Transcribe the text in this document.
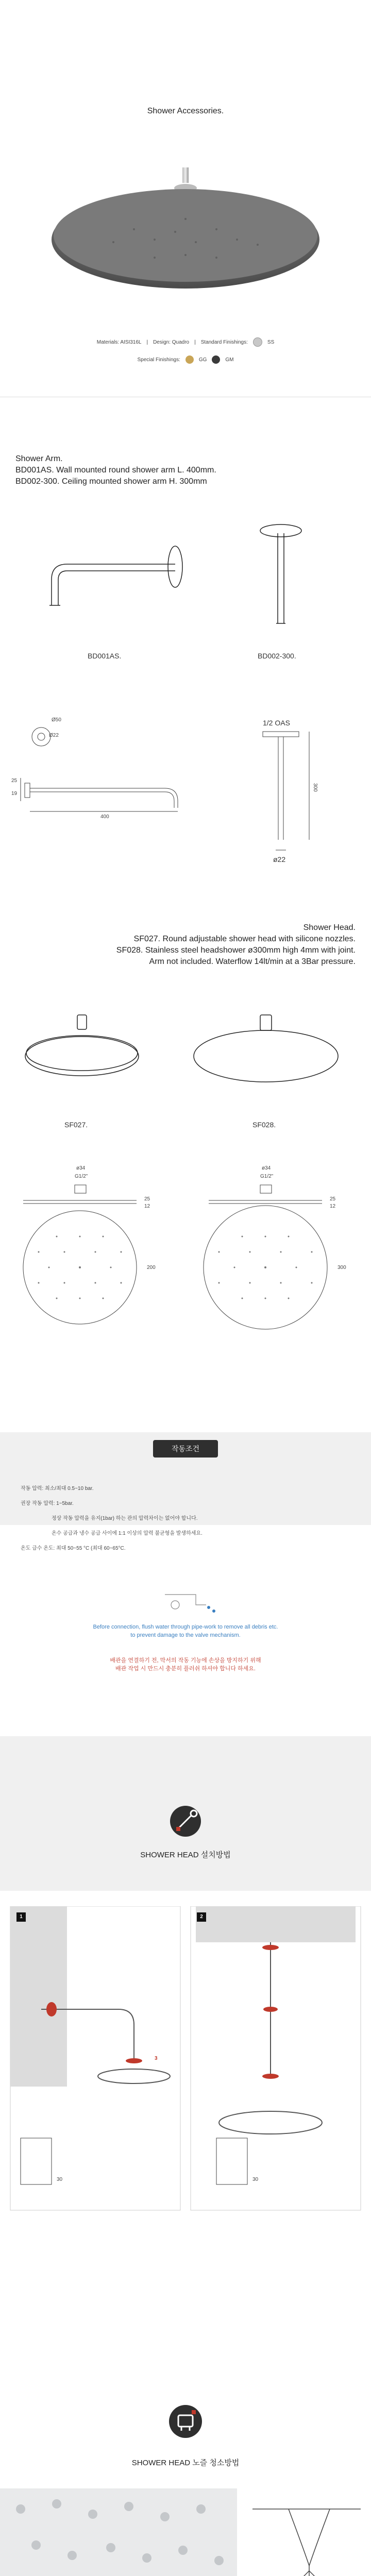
Shower Accessories.
Materials: AISI316L | Design: Quadro | Standard Finishings:	SS
Special Finishings:	GG	GM
Shower Arm.
BD001AS. Wall mounted round shower arm L. 400mm.
BD002-300. Ceiling mounted shower arm H. 300mm
BD001AS.	BD002-300.
Ø50
Ø22
25
19
400
1/2 OAS
300
ø22
Shower Head.
SF027. Round adjustable shower head with silicone nozzles.
SF028. Stainless steel headshower ø300mm high 4mm with joint.
Arm not included. Waterflow 14lt/min at a 3Bar pressure.
SF027.	SF028.
ø34
G1/2"
25
12
200
ø34
G1/2"
25
12
300
작동조건
작동 압력: 최소/최대 0.5~10 bar.
권장 작동 압력: 1~5bar.
정상 작동 압력을 유지(1bar) 하는 관의 압력차이는 없어야 합니다.
온수 공급과 냉수 공급 사이에 1:1 이상의 압력 불균형을 발생하세요.
온도 급수 온도: 최대 50~55 °C (최대 60~65°C.
Before connection, flush water through pipe-work to remove all debris etc.
to prevent damage to the valve mechanism.
배관을 연결하기 전, 막서의 작동 기능에 손상을 방지하기 위해
배관 작업 시 만드시 충분히 플러쉬 하셔야 합니다 하세요.
SHOWER HEAD 설치방법
1	2
3
30	30
SHOWER HEAD 노즐 청소방법
